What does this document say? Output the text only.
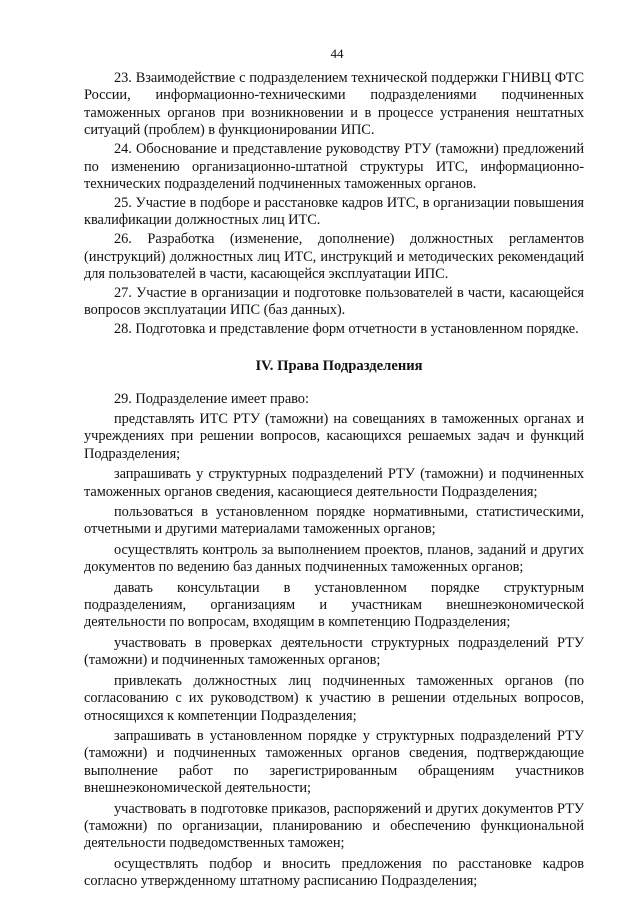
44

23. Взаимодействие с подразделением технической поддержки ГНИВЦ ФТС России, информационно-техническими подразделениями подчиненных таможенных органов при возникновении и в процессе устранения нештатных ситуаций (проблем) в функционировании ИПС.

24. Обоснование и представление руководству РТУ (таможни) предложений по изменению организационно-штатной структуры ИТС, информационно-технических подразделений подчиненных таможенных органов.

25. Участие в подборе и расстановке кадров ИТС, в организации повышения квалификации должностных лиц ИТС.

26. Разработка (изменение, дополнение) должностных регламентов (инструкций) должностных лиц ИТС, инструкций и методических рекомендаций для пользователей в части, касающейся эксплуатации ИПС.

27. Участие в организации и подготовке пользователей в части, касающейся вопросов эксплуатации ИПС (баз данных).

28. Подготовка и представление форм отчетности в установленном порядке.

IV. Права Подразделения

29. Подразделение имеет право:

представлять ИТС РТУ (таможни) на совещаниях в таможенных органах и учреждениях при решении вопросов, касающихся решаемых задач и функций Подразделения;

запрашивать у структурных подразделений РТУ (таможни) и подчиненных таможенных органов сведения, касающиеся деятельности Подразделения;

пользоваться в установленном порядке нормативными, статистическими, отчетными и другими материалами таможенных органов;

осуществлять контроль за выполнением проектов, планов, заданий и других документов по ведению баз данных подчиненных таможенных органов;

давать консультации в установленном порядке структурным подразделениям, организациям и участникам внешнеэкономической деятельности по вопросам, входящим в компетенцию Подразделения;

участвовать в проверках деятельности структурных подразделений РТУ (таможни) и подчиненных таможенных органов;

привлекать должностных лиц подчиненных таможенных органов (по согласованию с их руководством) к участию в решении отдельных вопросов, относящихся к компетенции Подразделения;

запрашивать в установленном порядке у структурных подразделений РТУ (таможни) и подчиненных таможенных органов сведения, подтверждающие выполнение работ по зарегистрированным обращениям участников внешнеэкономической деятельности;

участвовать в подготовке приказов, распоряжений и других документов РТУ (таможни) по организации, планированию и обеспечению функциональной деятельности подведомственных таможен;

осуществлять подбор и вносить предложения по расстановке кадров согласно утвержденному штатному расписанию Подразделения;
